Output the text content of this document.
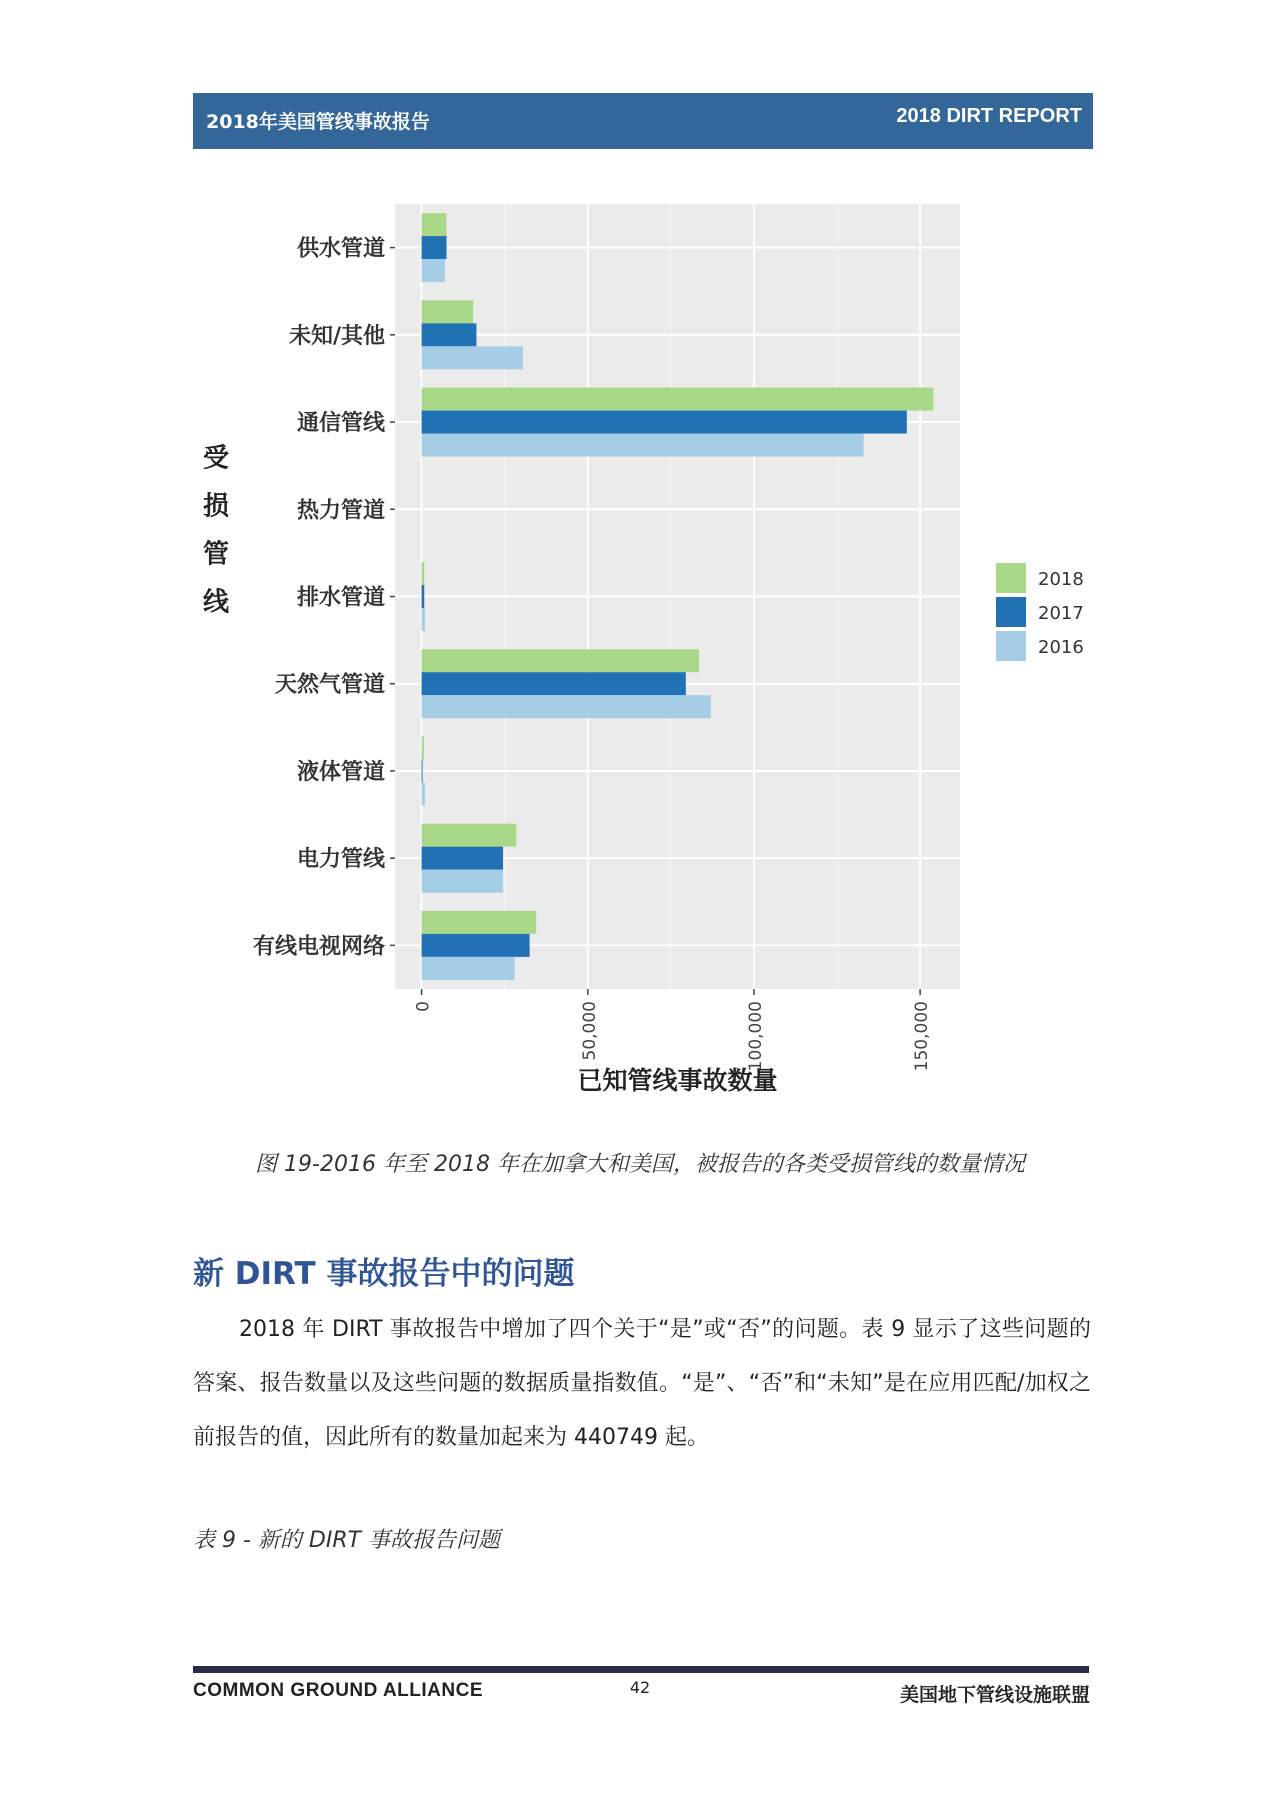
2018年美国管线事故报告	2018 DIRT REPORT
供水管道
未知/其他
通信管线
热力管道
排水管道
天然气管道
液体管道
电力管线
有线电视网络
0	50,000	100,000	150,000
已知管线事故数量
受损管线
2018
2017
2016
图 19-2016 年至 2018 年在加拿大和美国，被报告的各类受损管线的数量情况
新 DIRT 事故报告中的问题
2018 年 DIRT 事故报告中增加了四个关于“是”或“否”的问题。表 9 显示了这些问题的答案、报告数量以及这些问题的数据质量指数值。“是”、“否”和“未知”是在应用匹配/加权之前报告的值，因此所有的数量加起来为 440749 起。
表 9 - 新的 DIRT 事故报告问题
COMMON GROUND ALLIANCE	42	美国地下管线设施联盟
